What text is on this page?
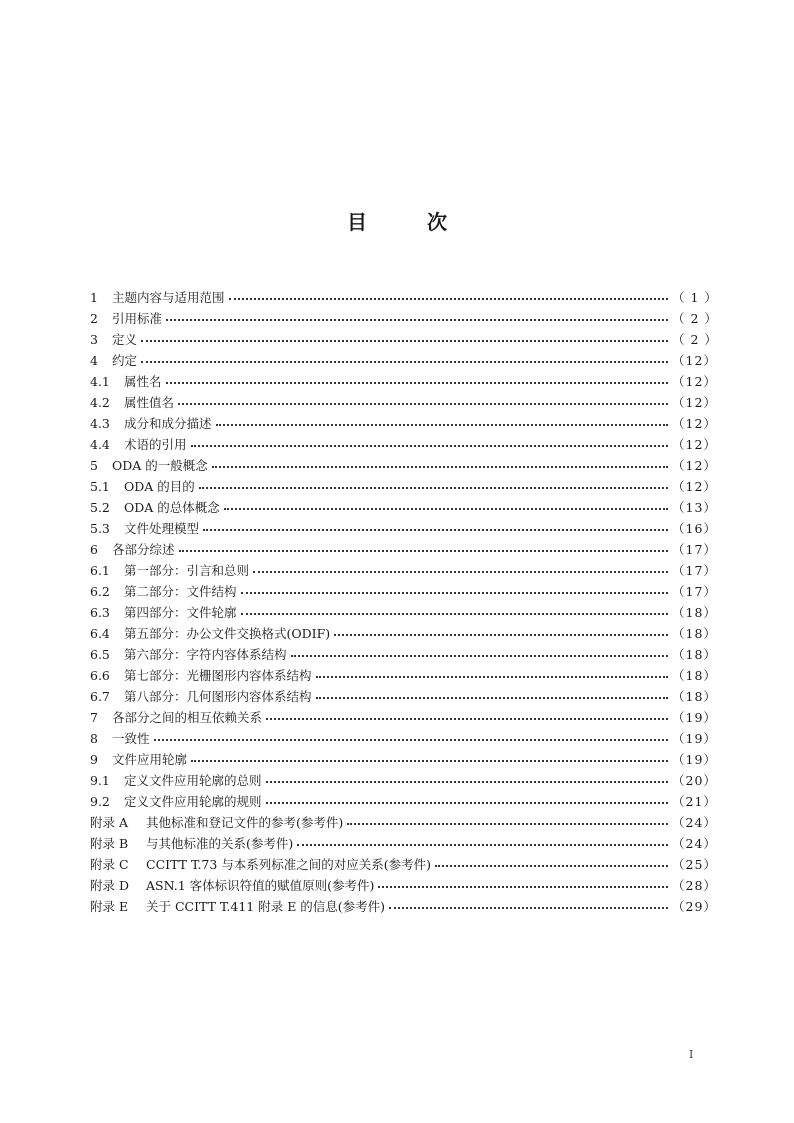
目	次
1	主题内容与适用范围	（ 1 ）
2	引用标准	（ 2 ）
3	定义	（ 2 ）
4	约定	（12）
4.1	属性名	（12）
4.2	属性值名	（12）
4.3	成分和成分描述	（12）
4.4	术语的引用	（12）
5	ODA 的一般概念	（12）
5.1	ODA 的目的	（12）
5.2	ODA 的总体概念	（13）
5.3	文件处理模型	（16）
6	各部分综述	（17）
6.1	第一部分：引言和总则	（17）
6.2	第二部分：文件结构	（17）
6.3	第四部分：文件轮廓	（18）
6.4	第五部分：办公文件交换格式(ODIF)	（18）
6.5	第六部分：字符内容体系结构	（18）
6.6	第七部分：光栅图形内容体系结构	（18）
6.7	第八部分：几何图形内容体系结构	（18）
7	各部分之间的相互依赖关系	（19）
8	一致性	（19）
9	文件应用轮廓	（19）
9.1	定义文件应用轮廓的总则	（20）
9.2	定义文件应用轮廓的规则	（21）
附录 A	其他标准和登记文件的参考(参考件)	（24）
附录 B	与其他标准的关系(参考件)	（24）
附录 C	CCITT T.73 与本系列标准之间的对应关系(参考件)	（25）
附录 D	ASN.1 客体标识符值的赋值原则(参考件)	（28）
附录 E	关于 CCITT T.411 附录 E 的信息(参考件)	（29）
I
